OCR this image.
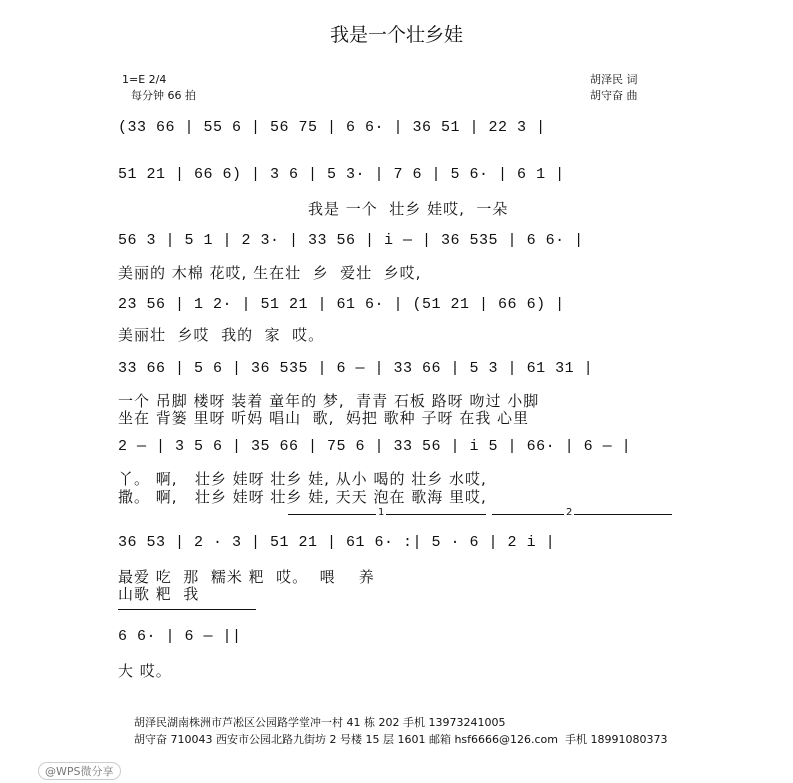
我是一个壮乡娃
1=E 2/4
每分钟 66 拍
胡泽民 词
胡守奋 曲
(33 66 | 55 6 | 56 75 | 6 6· | 36 51 | 22 3 |
51 21 | 66 6) | 3 6 | 5 3· | 7 6 | 5 6· | 6 1 |
我是 一个  壮乡 娃哎,  一朵
56 3 | 5 1 | 2 3· | 33 56 | i — | 36 535 | 6 6· |
美丽的 木棉 花哎, 生在壮  乡  爱壮  乡哎,
23 56 | 1 2· | 51 21 | 61 6· | (51 21 | 66 6) |
美丽壮  乡哎  我的  家  哎。
33 66 | 5 6 | 36 535 | 6 — | 33 66 | 5 3 | 61 31 |
一个 吊脚 楼呀 装着 童年的 梦,  青青 石板 路呀 吻过 小脚
坐在 背篓 里呀 听妈 唱山  歌,  妈把 歌种 子呀 在我 心里
2 — | 3 5 6 | 35 66 | 75 6 | 33 56 | i 5 | 66· | 6 — |
丫。 啊,   壮乡 娃呀 壮乡 娃, 从小 喝的 壮乡 水哎,
撒。 啊,   壮乡 娃呀 壮乡 娃, 天天 泡在 歌海 里哎,
1	2
36 53 | 2 · 3 | 51 21 | 61 6· :| 5 · 6 | 2 i |
最爱 吃  那  糯米 粑  哎。  喂    养
山歌 粑  我
6 6· | 6 — ||
大 哎。
胡泽民湖南株洲市芦凇区公园路学堂冲一村 41 栋 202 手机 13973241005
胡守奋 710043 西安市公园北路九街坊 2 号楼 15 层 1601 邮箱 hsf6666@126.com  手机 18991080373
@WPS微分享
